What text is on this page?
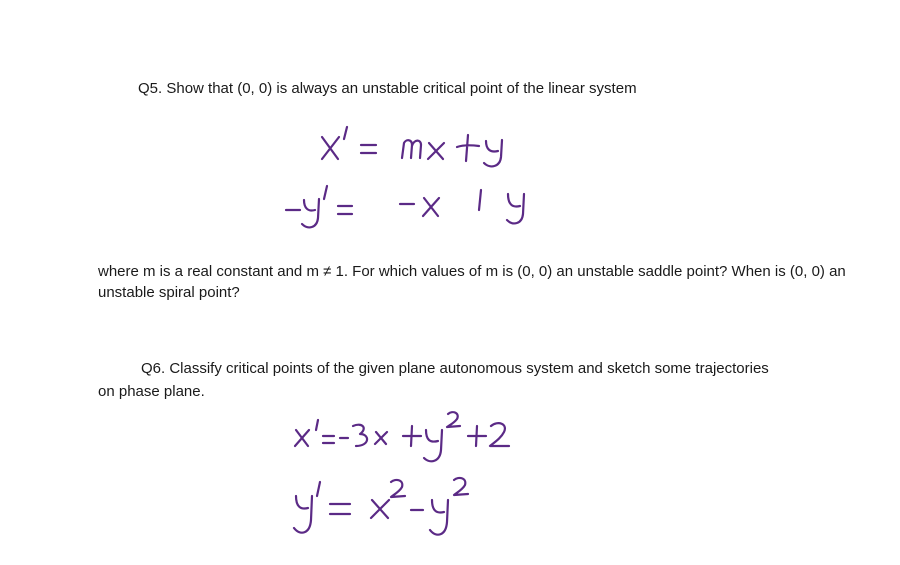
Q5. Show that (0, 0) is always an unstable critical point of the linear system
where m is a real constant and m ≠ 1. For which values of m is (0, 0) an unstable saddle point? When is (0, 0) an unstable spiral point?
Q6. Classify critical points of the given plane autonomous system and sketch some trajectories
on phase plane.
